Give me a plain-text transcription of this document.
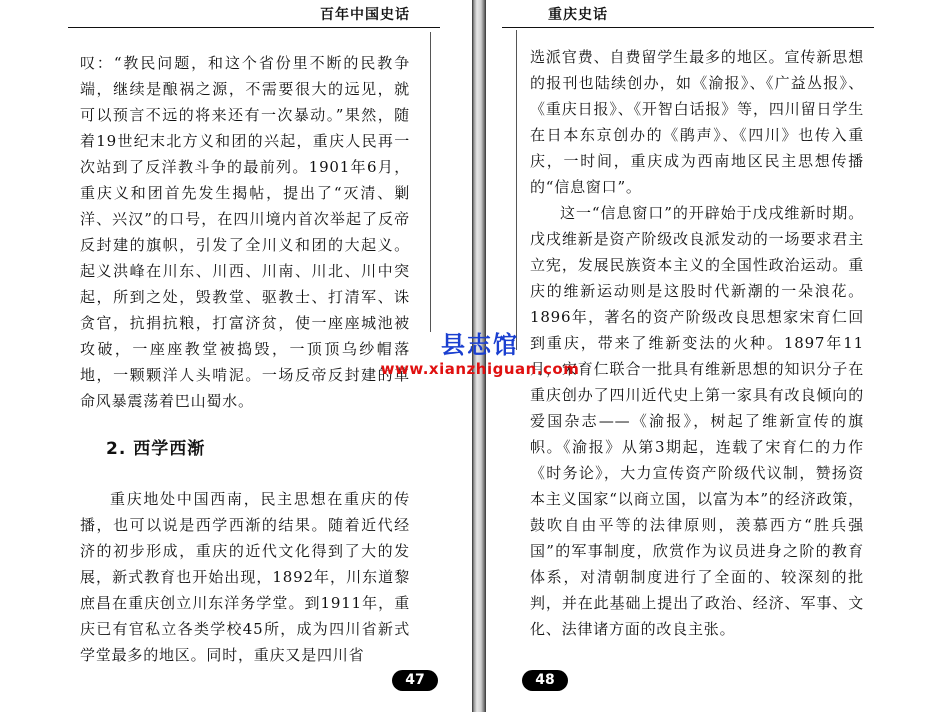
百年中国史话

叹：“教民问题，和这个省份里不断的民教争端，继续是酿祸之源，不需要很大的远见，就可以预言不远的将来还有一次暴动。”果然，随着19世纪末北方义和团的兴起，重庆人民再一次站到了反洋教斗争的最前列。1901年6月，重庆义和团首先发生揭帖，提出了“灭清、剿洋、兴汉”的口号，在四川境内首次举起了反帝反封建的旗帜，引发了全川义和团的大起义。起义洪峰在川东、川西、川南、川北、川中突起，所到之处，毁教堂、驱教士、打清军、诛贪官，抗捐抗粮，打富济贫，使一座座城池被攻破，一座座教堂被捣毁，一顶顶乌纱帽落地，一颗颗洋人头啃泥。一场反帝反封建的革命风暴震荡着巴山蜀水。

2. 西学西渐

重庆地处中国西南，民主思想在重庆的传播，也可以说是西学西渐的结果。随着近代经济的初步形成，重庆的近代文化得到了大的发展，新式教育也开始出现，1892年，川东道黎庶昌在重庆创立川东洋务学堂。到1911年，重庆已有官私立各类学校45所，成为四川省新式学堂最多的地区。同时，重庆又是四川省

47
重庆史话

选派官费、自费留学生最多的地区。宣传新思想的报刊也陆续创办，如《渝报》、《广益丛报》、《重庆日报》、《开智白话报》等，四川留日学生在日本东京创办的《鹃声》、《四川》也传入重庆，一时间，重庆成为西南地区民主思想传播的“信息窗口”。

这一“信息窗口”的开辟始于戊戌维新时期。戊戌维新是资产阶级改良派发动的一场要求君主立宪，发展民族资本主义的全国性政治运动。重庆的维新运动则是这股时代新潮的一朵浪花。1896年，著名的资产阶级改良思想家宋育仁回到重庆，带来了维新变法的火种。1897年11月，宋育仁联合一批具有维新思想的知识分子在重庆创办了四川近代史上第一家具有改良倾向的爱国杂志——《渝报》，树起了维新宣传的旗帜。《渝报》从第3期起，连载了宋育仁的力作《时务论》，大力宣传资产阶级代议制，赞扬资本主义国家“以商立国，以富为本”的经济政策，鼓吹自由平等的法律原则，羡慕西方“胜兵强国”的军事制度，欣赏作为议员进身之阶的教育体系，对清朝制度进行了全面的、较深刻的批判，并在此基础上提出了政治、经济、军事、文化、法律诸方面的改良主张。

48
县志馆
www.xianzhiguan.com
